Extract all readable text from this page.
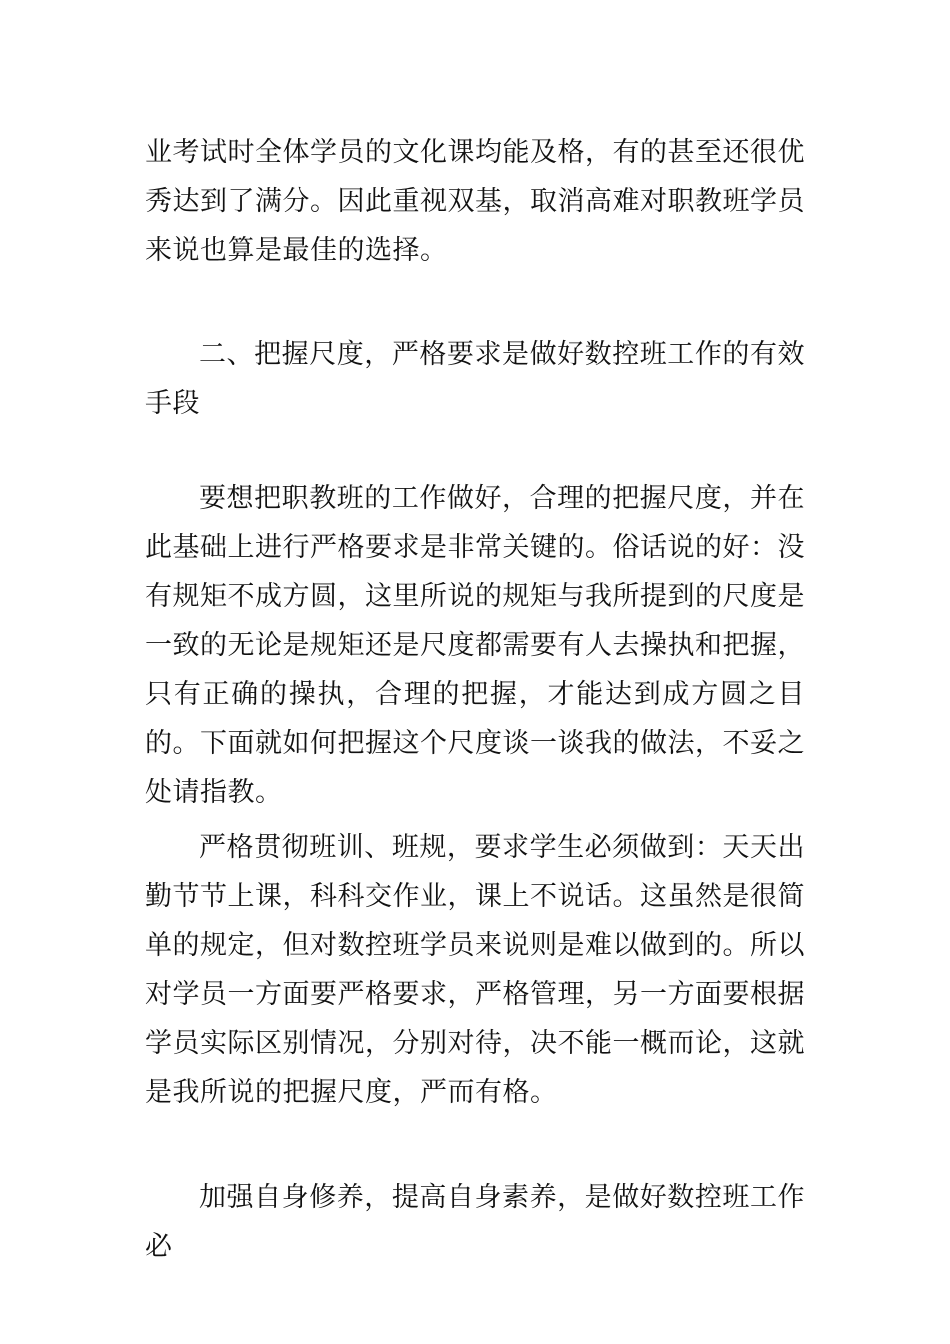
业考试时全体学员的文化课均能及格，有的甚至还很优秀达到了满分。因此重视双基，取消高难对职教班学员来说也算是最佳的选择。

二、把握尺度，严格要求是做好数控班工作的有效手段

要想把职教班的工作做好，合理的把握尺度，并在此基础上进行严格要求是非常关键的。俗话说的好：没有规矩不成方圆，这里所说的规矩与我所提到的尺度是一致的无论是规矩还是尺度都需要有人去操执和把握，只有正确的操执，合理的把握，才能达到成方圆之目的。下面就如何把握这个尺度谈一谈我的做法，不妥之处请指教。

严格贯彻班训、班规，要求学生必须做到：天天出勤节节上课，科科交作业，课上不说话。这虽然是很简单的规定，但对数控班学员来说则是难以做到的。所以对学员一方面要严格要求，严格管理，另一方面要根据学员实际区别情况，分别对待，决不能一概而论，这就是我所说的把握尺度，严而有格。

加强自身修养，提高自身素养，是做好数控班工作必
